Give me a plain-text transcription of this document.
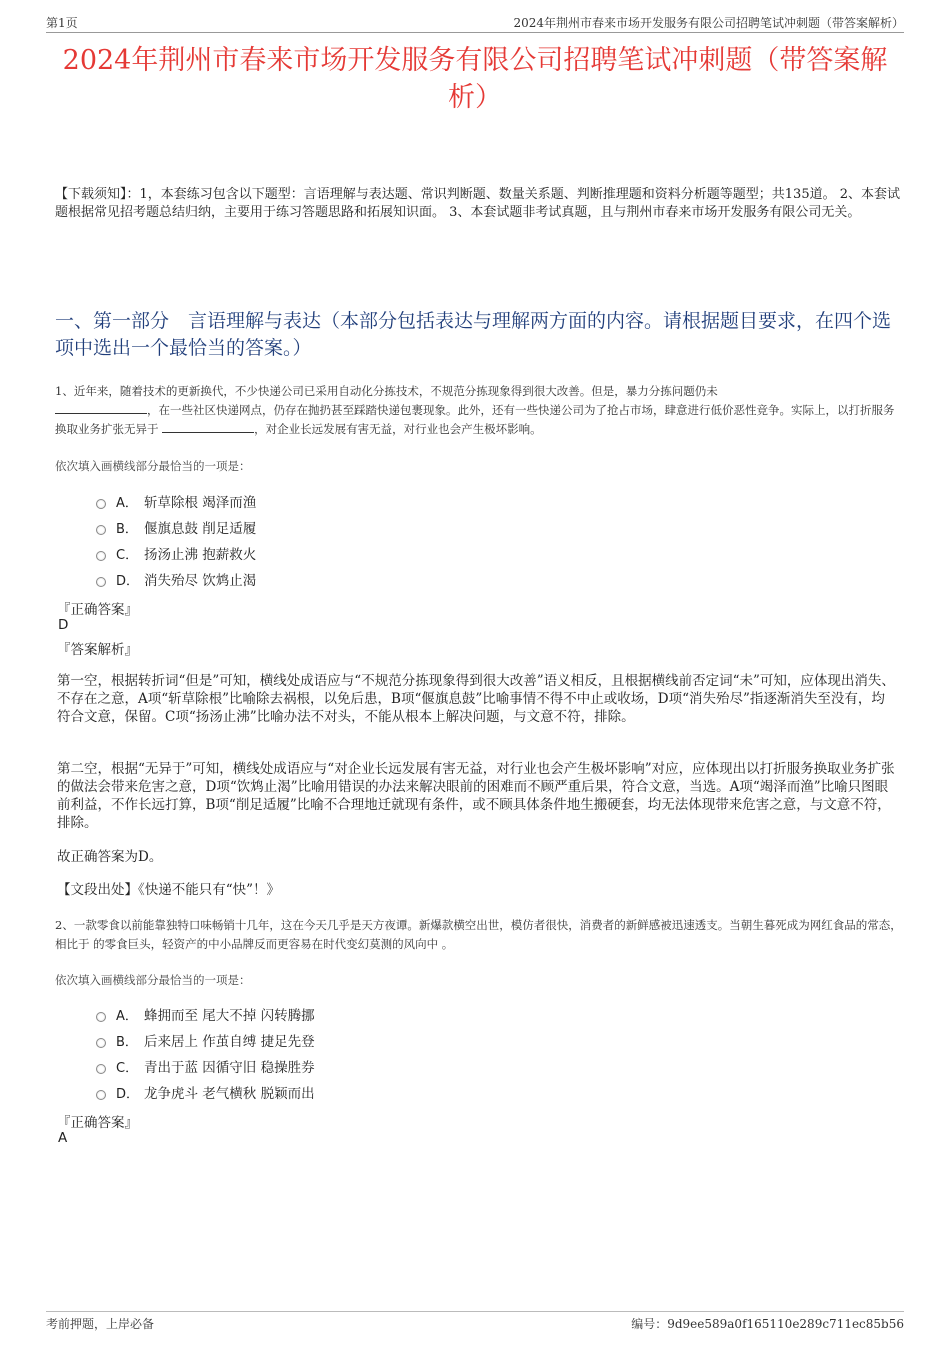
第1页	2024年荆州市春来市场开发服务有限公司招聘笔试冲刺题（带答案解析）
2024年荆州市春来市场开发服务有限公司招聘笔试冲刺题（带答案解析）
【下载须知】：1，本套练习包含以下题型：言语理解与表达题、常识判断题、数量关系题、判断推理题和资料分析题等题型；共135道。 2、本套试题根据常见招考题总结归纳，主要用于练习答题思路和拓展知识面。 3、本套试题非考试真题，且与荆州市春来市场开发服务有限公司无关。
一、第一部分　言语理解与表达（本部分包括表达与理解两方面的内容。请根据题目要求，在四个选项中选出一个最恰当的答案。）
1、近年来，随着技术的更新换代，不少快递公司已采用自动化分拣技术，不规范分拣现象得到很大改善。但是，暴力分拣问题仍未
，在一些社区快递网点，仍存在抛扔甚至踩踏快递包裹现象。此外，还有一些快递公司为了抢占市场，肆意进行低价恶性竞争。实际上，以打折服务换取业务扩张无异于	，对企业长远发展有害无益，对行业也会产生极坏影响。
依次填入画横线部分最恰当的一项是：
A． 斩草除根 竭泽而渔
B． 偃旗息鼓 削足适履
C． 扬汤止沸 抱薪救火
D． 消失殆尽 饮鸩止渴
『正确答案』
D
『答案解析』
第一空，根据转折词“但是”可知，横线处成语应与“不规范分拣现象得到很大改善”语义相反，且根据横线前否定词“未”可知，应体现出消失、不存在之意，A项“斩草除根”比喻除去祸根，以免后患，B项“偃旗息鼓”比喻事情不得不中止或收场，D项“消失殆尽”指逐渐消失至没有，均符合文意，保留。C项“扬汤止沸”比喻办法不对头，不能从根本上解决问题，与文意不符，排除。
第二空，根据“无异于”可知，横线处成语应与“对企业长远发展有害无益，对行业也会产生极坏影响”对应，应体现出以打折服务换取业务扩张的做法会带来危害之意，D项“饮鸩止渴”比喻用错误的办法来解决眼前的困难而不顾严重后果，符合文意，当选。A项“竭泽而渔”比喻只图眼前利益，不作长远打算，B项“削足适履”比喻不合理地迁就现有条件，或不顾具体条件地生搬硬套，均无法体现带来危害之意，与文意不符，排除。
故正确答案为D。
【文段出处】《快递不能只有“快”！》
2、一款零食以前能靠独特口味畅销十几年，这在今天几乎是天方夜谭。新爆款横空出世，模仿者很快，消费者的新鲜感被迅速透支。当朝生暮死成为网红食品的常态，相比于 的零食巨头，轻资产的中小品牌反而更容易在时代变幻莫测的风向中 。
依次填入画横线部分最恰当的一项是：
A． 蜂拥而至 尾大不掉 闪转腾挪
B． 后来居上 作茧自缚 捷足先登
C． 青出于蓝 因循守旧 稳操胜券
D． 龙争虎斗 老气横秋 脱颖而出
『正确答案』
A
考前押题，上岸必备	编号：9d9ee589a0f165110e289c711ec85b56
